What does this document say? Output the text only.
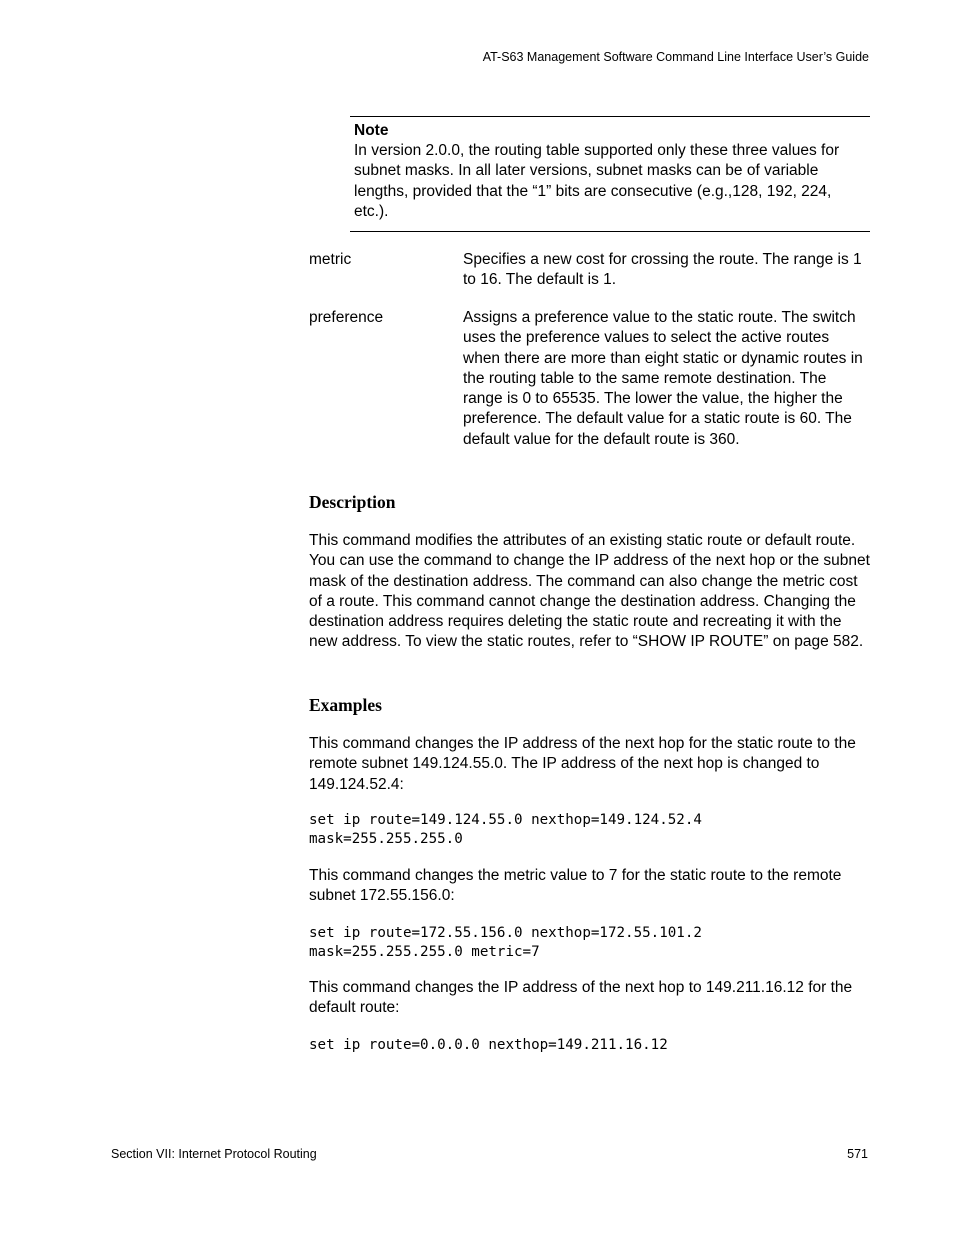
AT-S63 Management Software Command Line Interface User’s Guide
Note
In version 2.0.0, the routing table supported only these three values for subnet masks. In all later versions, subnet masks can be of variable lengths, provided that the “1” bits are consecutive (e.g.,128, 192, 224, etc.).
metric	Specifies a new cost for crossing the route. The range is 1 to 16. The default is 1.
preference	Assigns a preference value to the static route. The switch uses the preference values to select the active routes when there are more than eight static or dynamic routes in the routing table to the same remote destination. The range is 0 to 65535. The lower the value, the higher the preference. The default value for a static route is 60. The default value for the default route is 360.
Description
This command modifies the attributes of an existing static route or default route. You can use the command to change the IP address of the next hop or the subnet mask of the destination address. The command can also change the metric cost of a route. This command cannot change the destination address. Changing the destination address requires deleting the static route and recreating it with the new address. To view the static routes, refer to “SHOW IP ROUTE” on page 582.
Examples
This command changes the IP address of the next hop for the static route to the remote subnet 149.124.55.0. The IP address of the next hop is changed to 149.124.52.4:
set ip route=149.124.55.0 nexthop=149.124.52.4
mask=255.255.255.0
This command changes the metric value to 7 for the static route to the remote subnet 172.55.156.0:
set ip route=172.55.156.0 nexthop=172.55.101.2
mask=255.255.255.0 metric=7
This command changes the IP address of the next hop to 149.211.16.12 for the default route:
set ip route=0.0.0.0 nexthop=149.211.16.12
Section VII: Internet Protocol Routing	571
